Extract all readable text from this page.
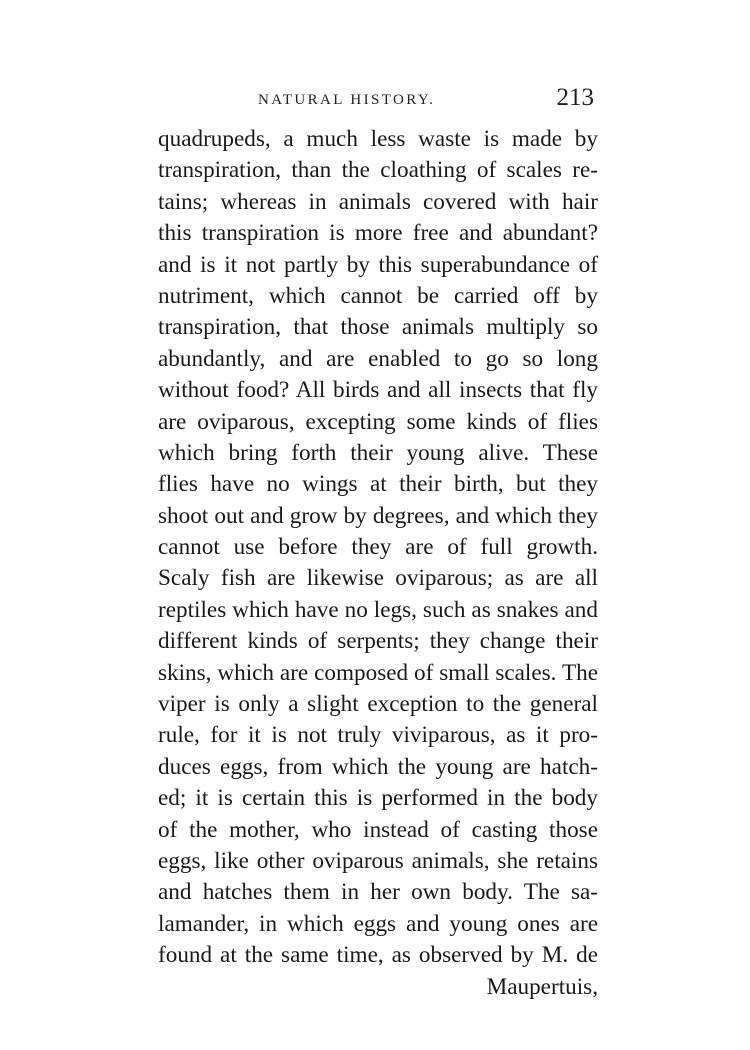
NATURAL HISTORY.	213
quadrupeds, a much less waste is made by
transpiration, than the cloathing of scales re-
tains; whereas in animals covered with hair
this transpiration is more free and abundant?
and is it not partly by this superabundance of
nutriment, which cannot be carried off by
transpiration, that those animals multiply so
abundantly, and are enabled to go so long
without food? All birds and all insects that fly
are oviparous, excepting some kinds of flies
which bring forth their young alive. These
flies have no wings at their birth, but they
shoot out and grow by degrees, and which they
cannot use before they are of full growth.
Scaly fish are likewise oviparous; as are all
reptiles which have no legs, such as snakes and
different kinds of serpents; they change their
skins, which are composed of small scales. The
viper is only a slight exception to the general
rule, for it is not truly viviparous, as it pro-
duces eggs, from which the young are hatch-
ed; it is certain this is performed in the body
of the mother, who instead of casting those
eggs, like other oviparous animals, she retains
and hatches them in her own body. The sa-
lamander, in which eggs and young ones are
found at the same time, as observed by M. de
Maupertuis,
